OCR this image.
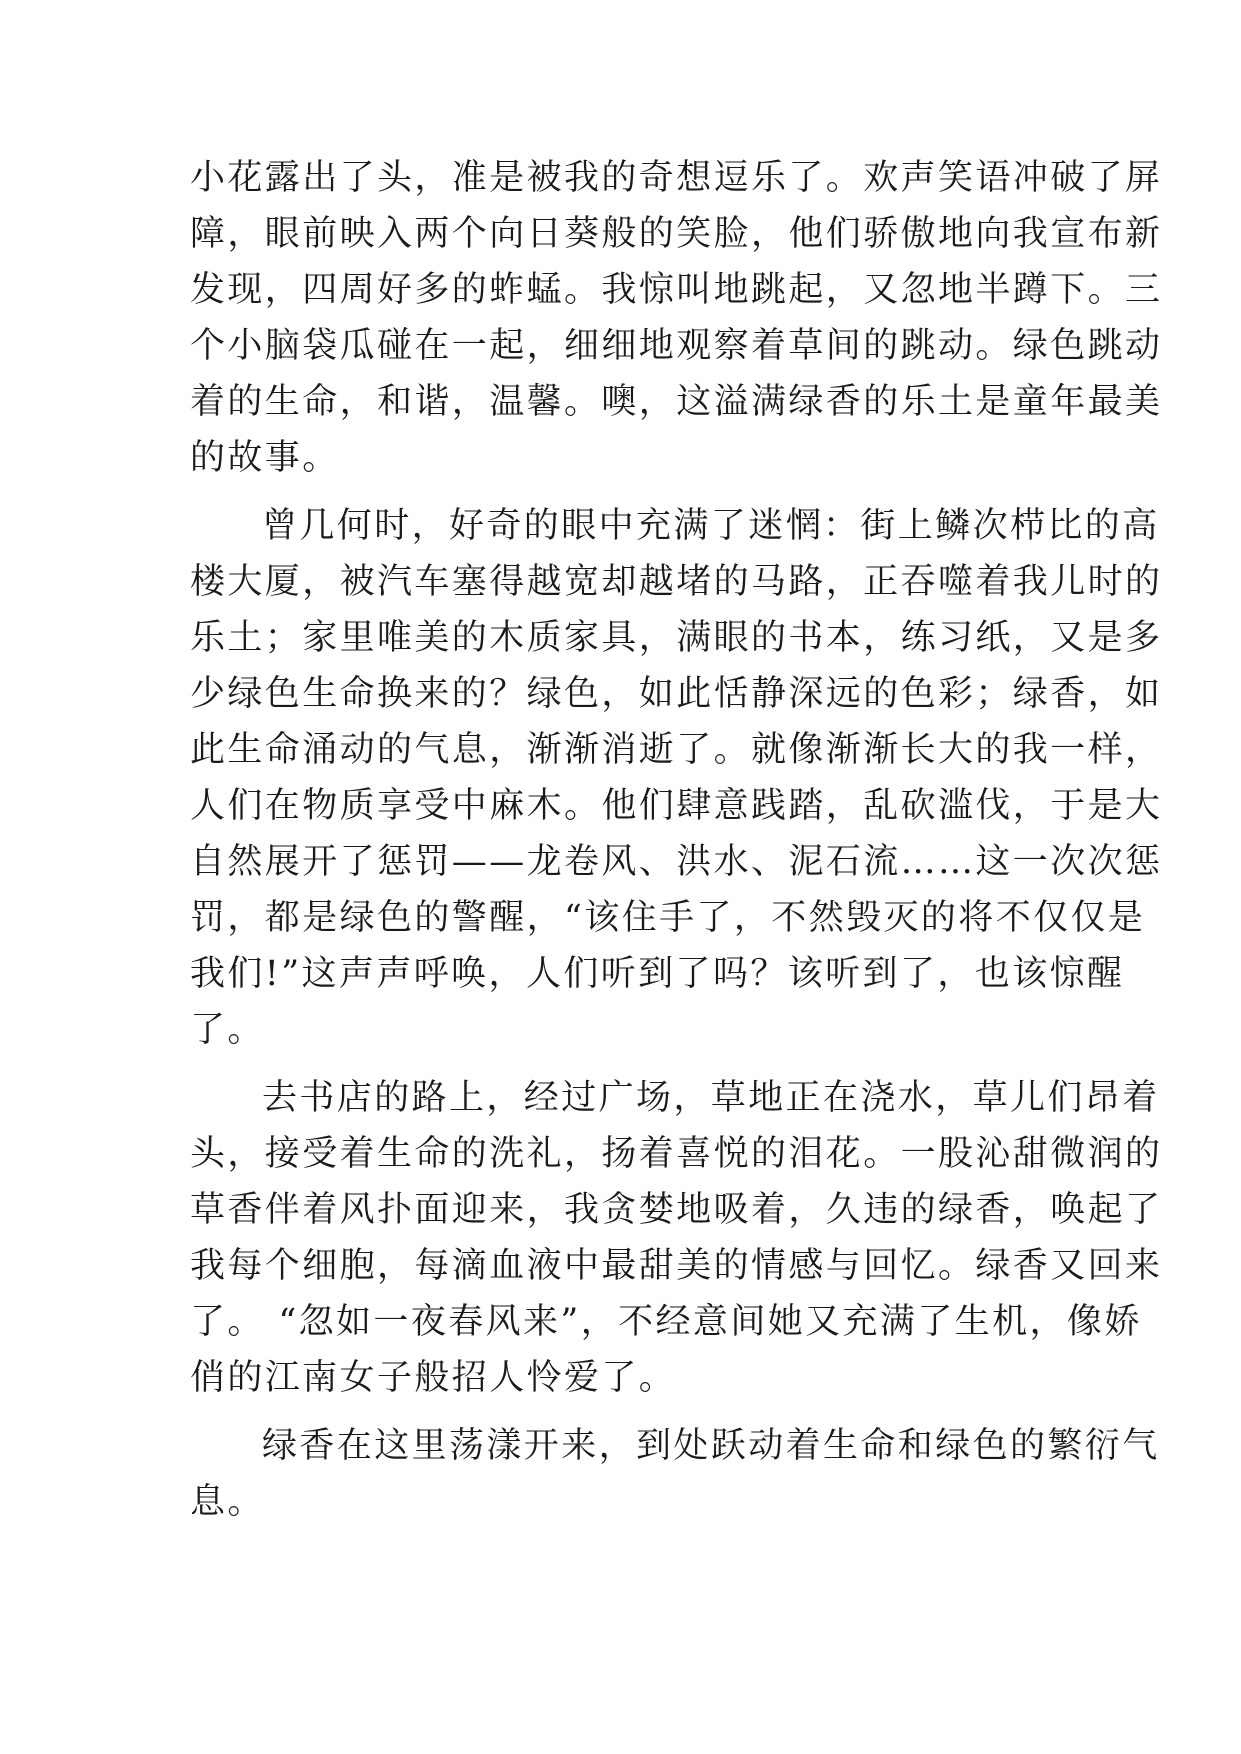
小花露出了头，准是被我的奇想逗乐了。欢声笑语冲破了屏
障，眼前映入两个向日葵般的笑脸，他们骄傲地向我宣布新
发现，四周好多的蚱蜢。我惊叫地跳起，又忽地半蹲下。三
个小脑袋瓜碰在一起，细细地观察着草间的跳动。绿色跳动
着的生命，和谐，温馨。噢，这溢满绿香的乐土是童年最美
的故事。
曾几何时，好奇的眼中充满了迷惘：街上鳞次栉比的高
楼大厦，被汽车塞得越宽却越堵的马路，正吞噬着我儿时的
乐土；家里唯美的木质家具，满眼的书本，练习纸，又是多
少绿色生命换来的？绿色，如此恬静深远的色彩；绿香，如
此生命涌动的气息，渐渐消逝了。就像渐渐长大的我一样，
人们在物质享受中麻木。他们肆意践踏，乱砍滥伐，于是大
自然展开了惩罚——龙卷风、洪水、泥石流……这一次次惩
罚，都是绿色的警醒，“该住手了，不然毁灭的将不仅仅是
我们!”这声声呼唤，人们听到了吗？该听到了，也该惊醒
了。
去书店的路上，经过广场，草地正在浇水，草儿们昂着
头，接受着生命的洗礼，扬着喜悦的泪花。一股沁甜微润的
草香伴着风扑面迎来，我贪婪地吸着，久违的绿香，唤起了
我每个细胞，每滴血液中最甜美的情感与回忆。绿香又回来
了。 “忽如一夜春风来”，不经意间她又充满了生机，像娇
俏的江南女子般招人怜爱了。
绿香在这里荡漾开来，到处跃动着生命和绿色的繁衍气
息。
